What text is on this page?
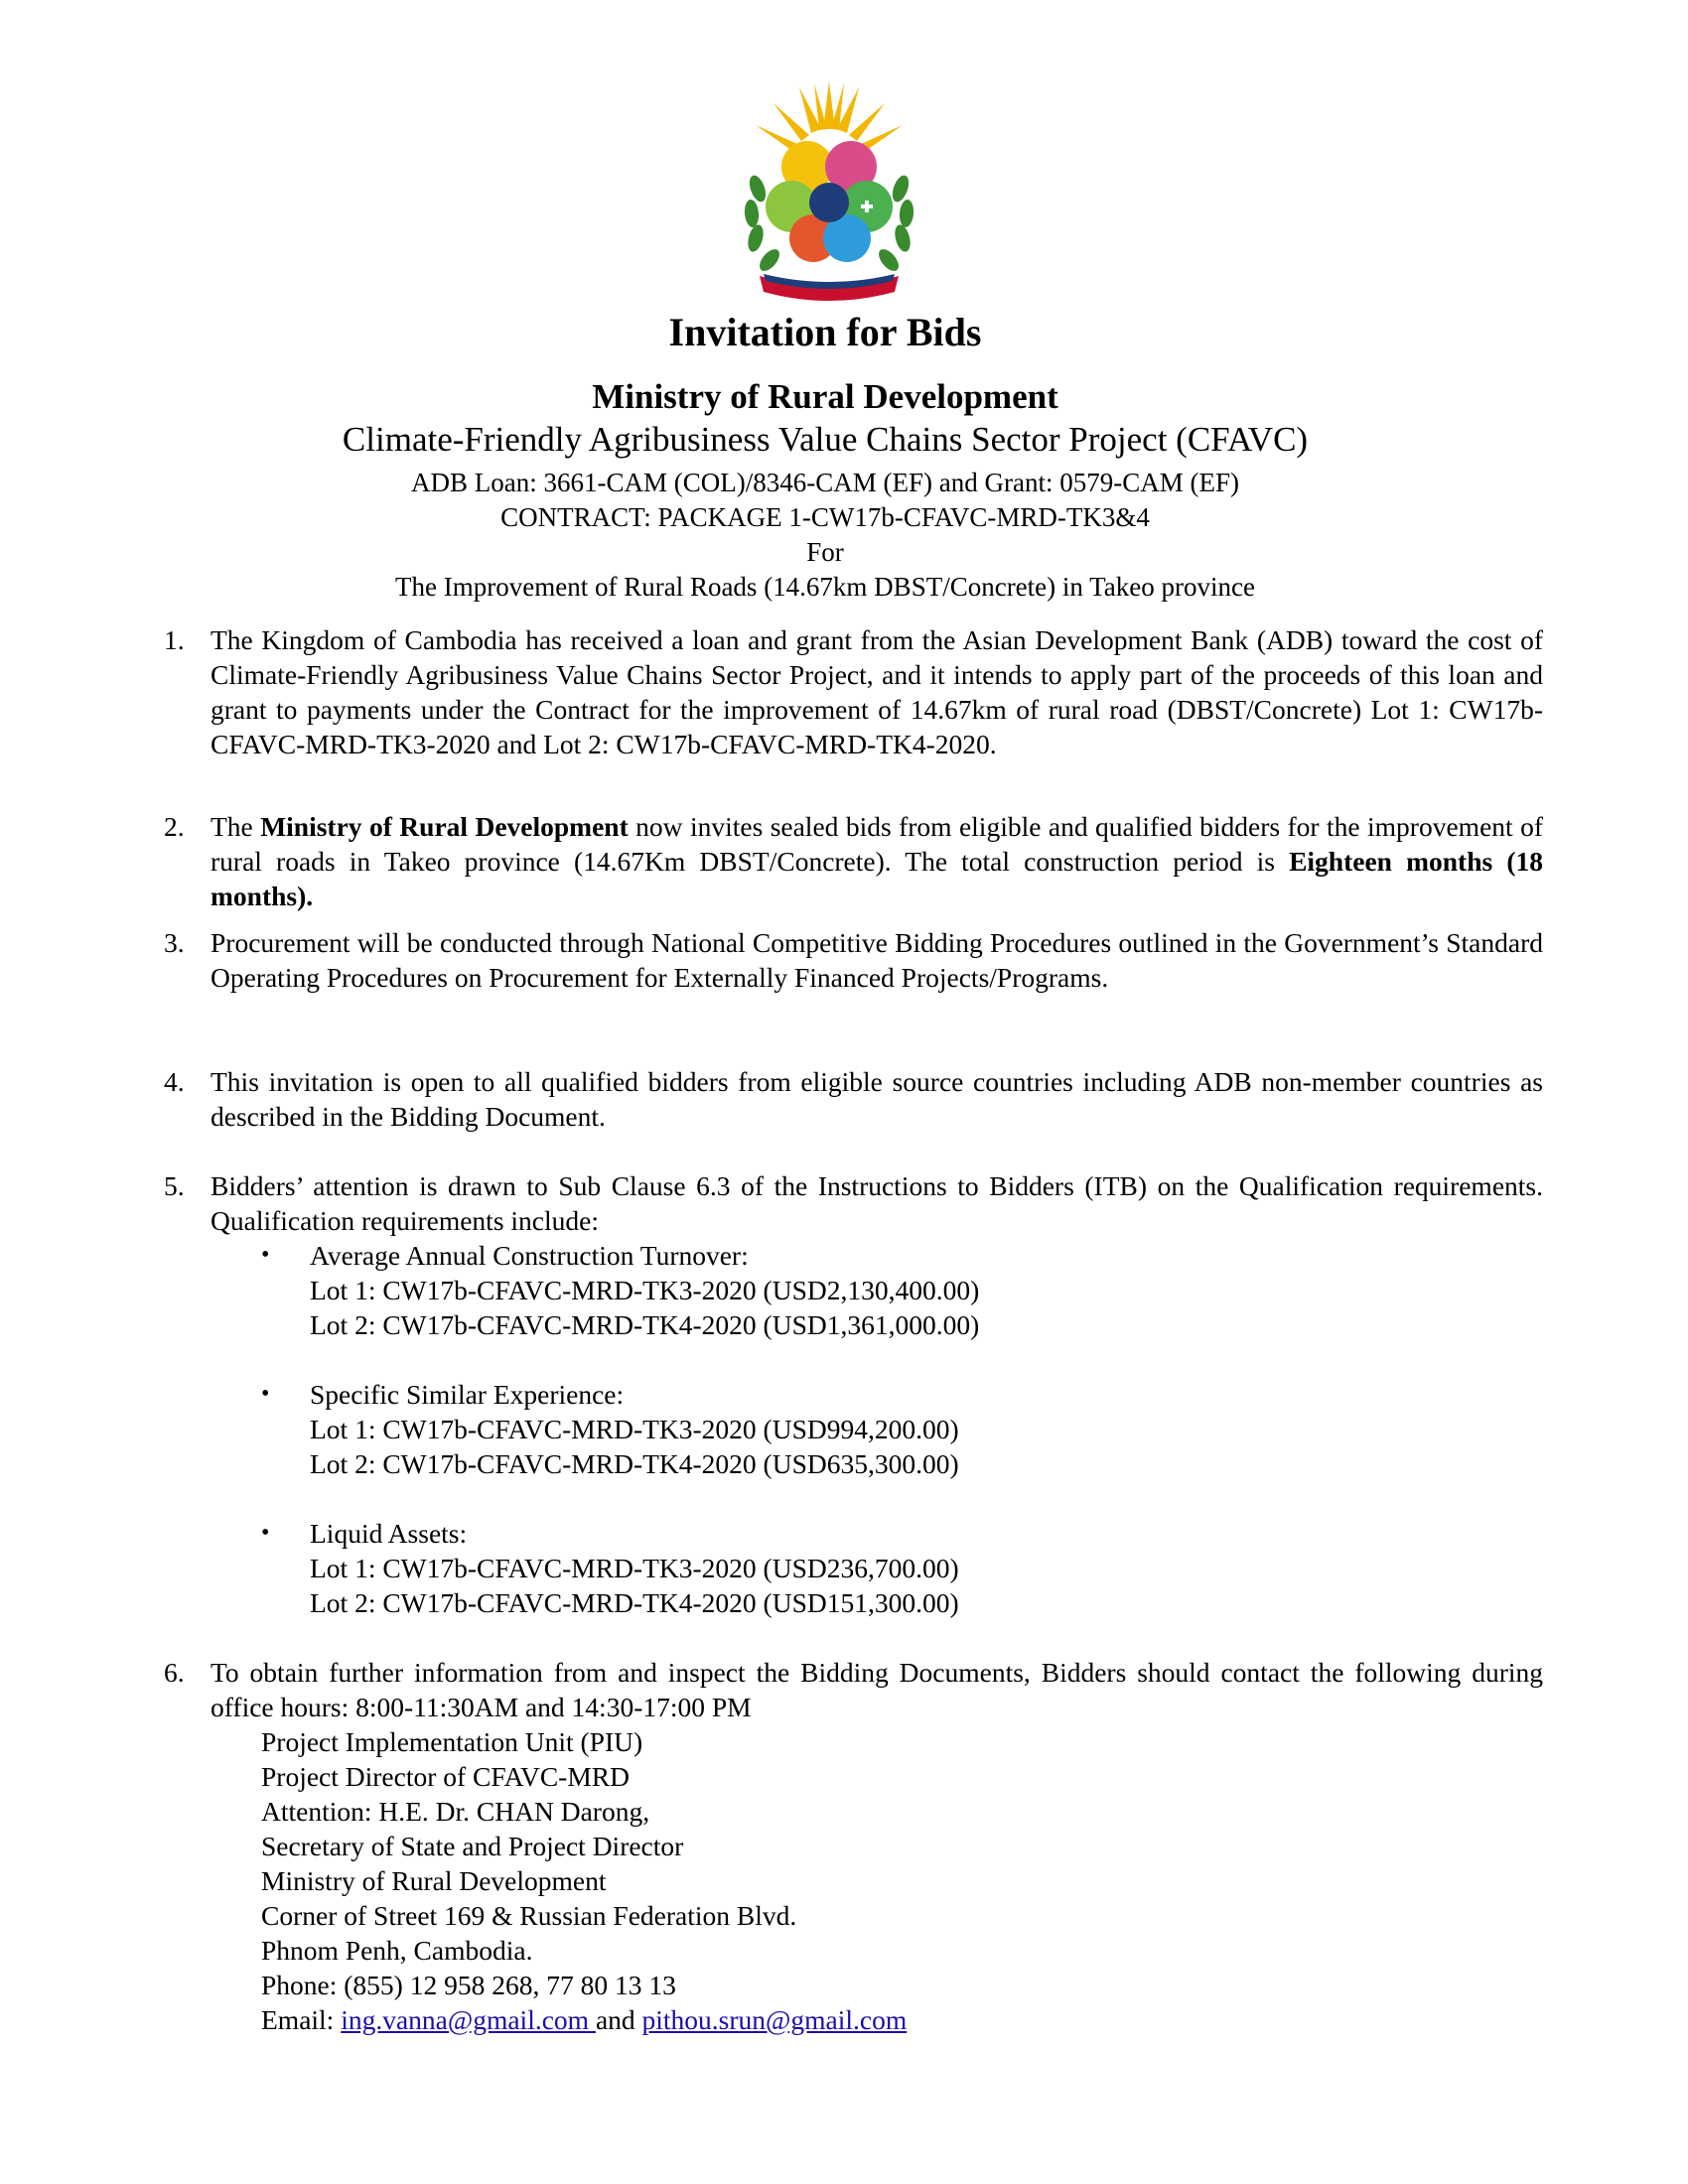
Invitation for Bids
Ministry of Rural Development
Climate-Friendly Agribusiness Value Chains Sector Project (CFAVC)
ADB Loan: 3661-CAM (COL)/8346-CAM (EF) and Grant: 0579-CAM (EF)
CONTRACT: PACKAGE 1-CW17b-CFAVC-MRD-TK3&4
For
The Improvement of Rural Roads (14.67km DBST/Concrete) in Takeo province
1. The Kingdom of Cambodia has received a loan and grant from the Asian Development Bank (ADB) toward the cost of Climate-Friendly Agribusiness Value Chains Sector Project, and it intends to apply part of the proceeds of this loan and grant to payments under the Contract for the improvement of 14.67km of rural road (DBST/Concrete) Lot 1: CW17b-CFAVC-MRD-TK3-2020 and Lot 2: CW17b-CFAVC-MRD-TK4-2020.
2. The Ministry of Rural Development now invites sealed bids from eligible and qualified bidders for the improvement of rural roads in Takeo province (14.67Km DBST/Concrete). The total construction period is Eighteen months (18 months).
3. Procurement will be conducted through National Competitive Bidding Procedures outlined in the Government’s Standard Operating Procedures on Procurement for Externally Financed Projects/Programs.
4. This invitation is open to all qualified bidders from eligible source countries including ADB non-member countries as described in the Bidding Document.
5. Bidders’ attention is drawn to Sub Clause 6.3 of the Instructions to Bidders (ITB) on the Qualification requirements. Qualification requirements include:
• Average Annual Construction Turnover:
Lot 1: CW17b-CFAVC-MRD-TK3-2020 (USD2,130,400.00)
Lot 2: CW17b-CFAVC-MRD-TK4-2020 (USD1,361,000.00)
• Specific Similar Experience:
Lot 1: CW17b-CFAVC-MRD-TK3-2020 (USD994,200.00)
Lot 2: CW17b-CFAVC-MRD-TK4-2020 (USD635,300.00)
• Liquid Assets:
Lot 1: CW17b-CFAVC-MRD-TK3-2020 (USD236,700.00)
Lot 2: CW17b-CFAVC-MRD-TK4-2020 (USD151,300.00)
6. To obtain further information from and inspect the Bidding Documents, Bidders should contact the following during office hours: 8:00-11:30AM and 14:30-17:00 PM
Project Implementation Unit (PIU)
Project Director of CFAVC-MRD
Attention: H.E. Dr. CHAN Darong,
Secretary of State and Project Director
Ministry of Rural Development
Corner of Street 169 & Russian Federation Blvd.
Phnom Penh, Cambodia.
Phone: (855) 12 958 268, 77 80 13 13
Email: ing.vanna@gmail.com and pithou.srun@gmail.com
